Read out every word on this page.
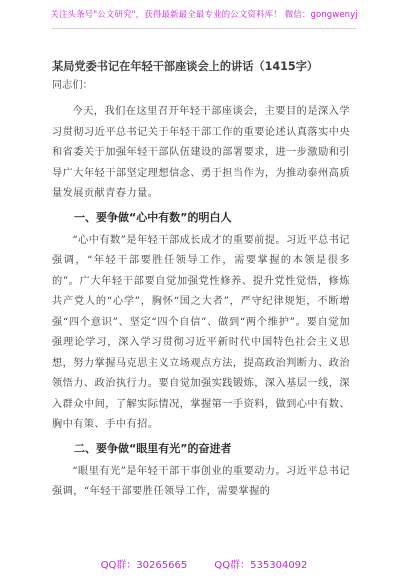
关注头条号"公文研究"，获得最新最全最专业的公文资料库！ 微信：gongwenyj
某局党委书记在年轻干部座谈会上的讲话（1415字）
同志们：

今天，我们在这里召开年轻干部座谈会，主要目的是深入学习贯彻习近平总书记关于年轻干部工作的重要论述认真落实中央和省委关于加强年轻干部队伍建设的部署要求，进一步激励和引导广大年轻干部坚定理想信念、勇于担当作为，为推动泰州高质量发展贡献青春力量。

一、要争做“心中有数”的明白人

“心中有数”是年轻干部成长成才的重要前提。习近平总书记强调，“年轻干部要胜任领导工作，需要掌握的本领是很多的”。广大年轻干部要自觉加强党性修养、提升党性觉悟，修炼共产党人的“心学”，胸怀“国之大者”，严守纪律规矩，不断增强“四个意识”、坚定“四个自信”、做到“两个维护”。要自觉加强理论学习，深入学习贯彻习近平新时代中国特色社会主义思想，努力掌握马克思主义立场观点方法，提高政治判断力、政治领悟力、政治执行力。要自觉加强实践锻炼，深入基层一线，深入群众中间，了解实际情况，掌握第一手资料，做到心中有数、胸中有策、手中有招。

二、要争做“眼里有光”的奋进者

“眼里有光”是年轻干部干事创业的重要动力。习近平总书记强调，“年轻干部要胜任领导工作，需要掌握的

QQ群：30265665	QQ群：535304092
